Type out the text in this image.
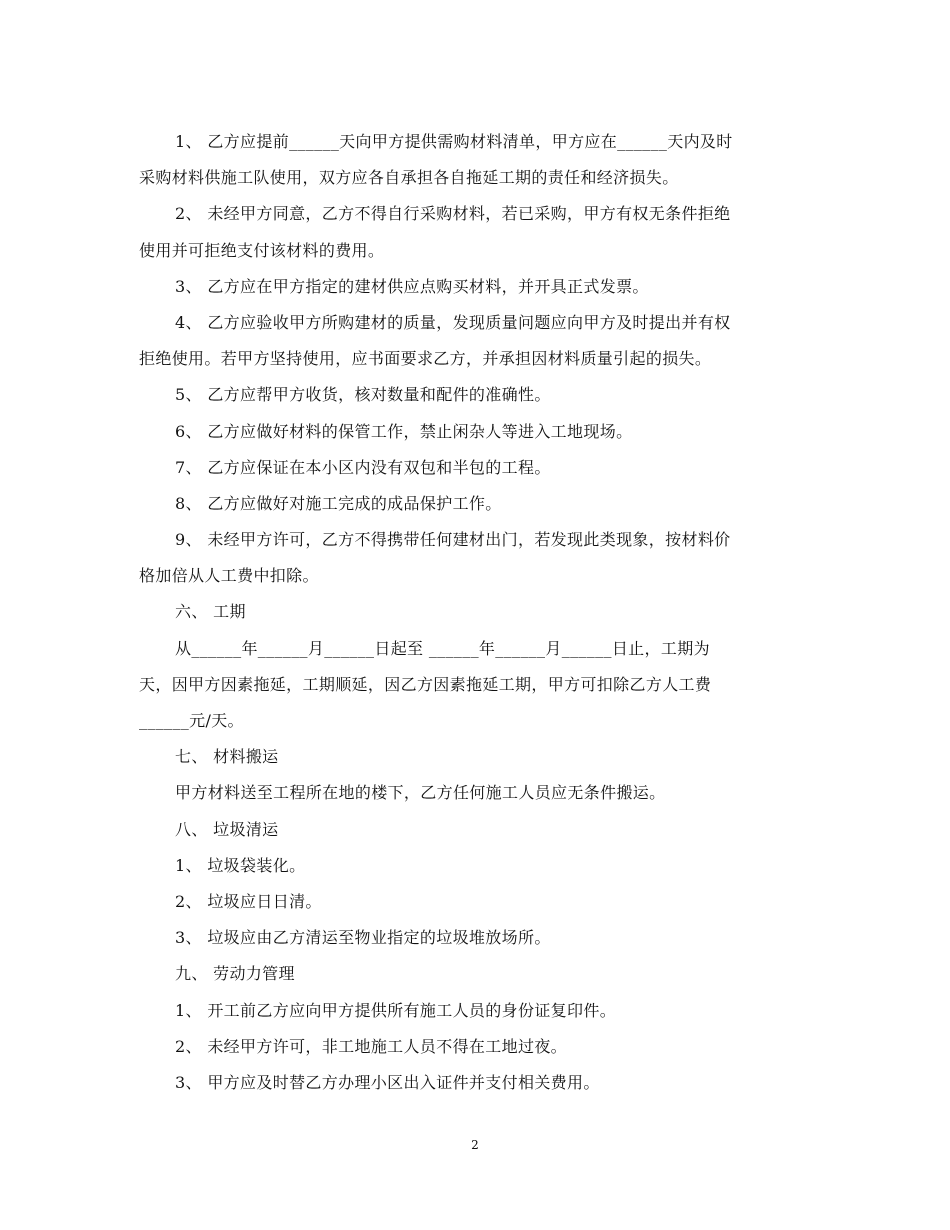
1、 乙方应提前______天向甲方提供需购材料清单，甲方应在______天内及时
采购材料供施工队使用，双方应各自承担各自拖延工期的责任和经济损失。
2、 未经甲方同意，乙方不得自行采购材料，若已采购，甲方有权无条件拒绝
使用并可拒绝支付该材料的费用。
3、 乙方应在甲方指定的建材供应点购买材料，并开具正式发票。
4、 乙方应验收甲方所购建材的质量，发现质量问题应向甲方及时提出并有权
拒绝使用。若甲方坚持使用，应书面要求乙方，并承担因材料质量引起的损失。
5、 乙方应帮甲方收货，核对数量和配件的准确性。
6、 乙方应做好材料的保管工作，禁止闲杂人等进入工地现场。
7、 乙方应保证在本小区内没有双包和半包的工程。
8、 乙方应做好对施工完成的成品保护工作。
9、 未经甲方许可，乙方不得携带任何建材出门，若发现此类现象，按材料价
格加倍从人工费中扣除。
六、 工期
从______年______月______日起至 ______年______月______日止，工期为
天，因甲方因素拖延，工期顺延，因乙方因素拖延工期，甲方可扣除乙方人工费
______元/天。
七、 材料搬运
甲方材料送至工程所在地的楼下，乙方任何施工人员应无条件搬运。
八、 垃圾清运
1、 垃圾袋装化。
2、 垃圾应日日清。
3、 垃圾应由乙方清运至物业指定的垃圾堆放场所。
九、 劳动力管理
1、 开工前乙方应向甲方提供所有施工人员的身份证复印件。
2、 未经甲方许可，非工地施工人员不得在工地过夜。
3、 甲方应及时替乙方办理小区出入证件并支付相关费用。
2
